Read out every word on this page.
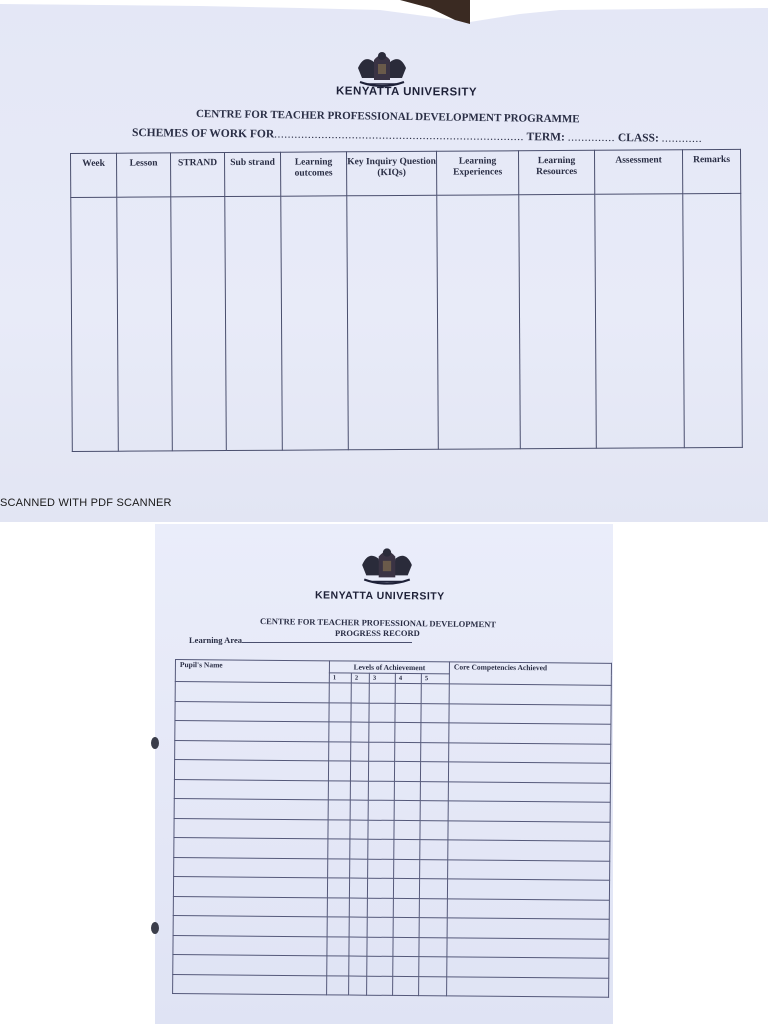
KENYATTA UNIVERSITY
CENTRE FOR TEACHER PROFESSIONAL DEVELOPMENT PROGRAMME
SCHEMES OF WORK FOR.......................................................................... TERM: .............. CLASS: ............
Week	Lesson	STRAND	Sub strand	Learning outcomes	Key Inquiry Question (KIQs)	Learning Experiences	Learning Resources	Assessment	Remarks

SCANNED WITH PDF SCANNER
KENYATTA UNIVERSITY
CENTRE FOR TEACHER PROFESSIONAL DEVELOPMENT
PROGRESS RECORD
Learning Area
Pupil's Name	Levels of Achievement					Core Competencies Achieved
	1	2	3	4	5	
